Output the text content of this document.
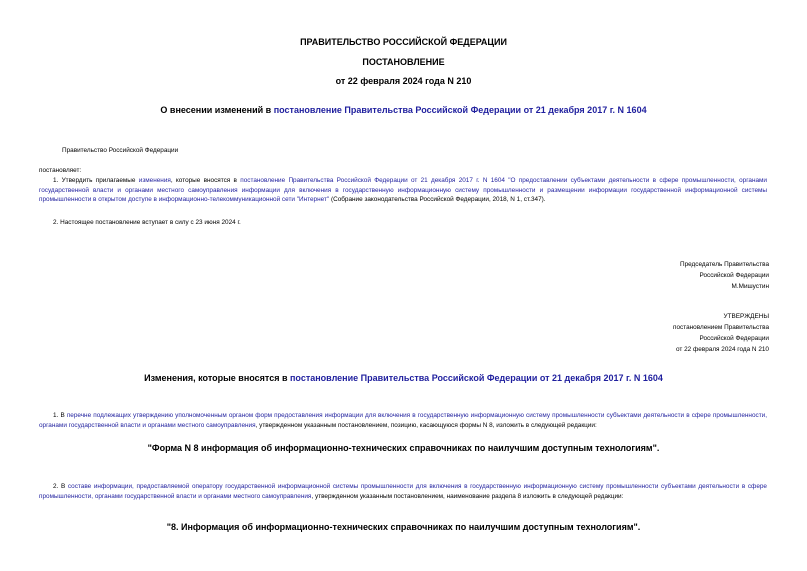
ПРАВИТЕЛЬСТВО РОССИЙСКОЙ ФЕДЕРАЦИИ
ПОСТАНОВЛЕНИЕ
от 22 февраля 2024 года N 210
О внесении изменений в постановление Правительства Российской Федерации от 21 декабря 2017 г. N 1604
Правительство Российской Федерации
постановляет:
1. Утвердить прилагаемые изменения, которые вносятся в постановление Правительства Российской Федерации от 21 декабря 2017 г. N 1604 "О предоставлении субъектами деятельности в сфере промышленности, органами государственной власти и органами местного самоуправления информации для включения в государственную информационную систему промышленности и размещении информации государственной информационной системы промышленности в открытом доступе в информационно-телекоммуникационной сети "Интернет" (Собрание законодательства Российской Федерации, 2018, N 1, ст.347).
2. Настоящее постановление вступает в силу с 23 июня 2024 г.
Председатель Правительства
Российской Федерации
М.Мишустин
УТВЕРЖДЕНЫ
постановлением Правительства
Российской Федерации
от 22 февраля 2024 года N 210
Изменения, которые вносятся в постановление Правительства Российской Федерации от 21 декабря 2017 г. N 1604
1. В перечне подлежащих утверждению уполномоченным органом форм предоставления информации для включения в государственную информационную систему промышленности субъектами деятельности в сфере промышленности, органами государственной власти и органами местного самоуправления, утвержденном указанным постановлением, позицию, касающуюся формы N 8, изложить в следующей редакции:
"Форма N 8 информация об информационно-технических справочниках по наилучшим доступным технологиям".
2. В составе информации, предоставляемой оператору государственной информационной системы промышленности для включения в государственную информационную систему промышленности субъектами деятельности в сфере промышленности, органами государственной власти и органами местного самоуправления, утвержденном указанным постановлением, наименование раздела 8 изложить в следующей редакции:
"8. Информация об информационно-технических справочниках по наилучшим доступным технологиям".
